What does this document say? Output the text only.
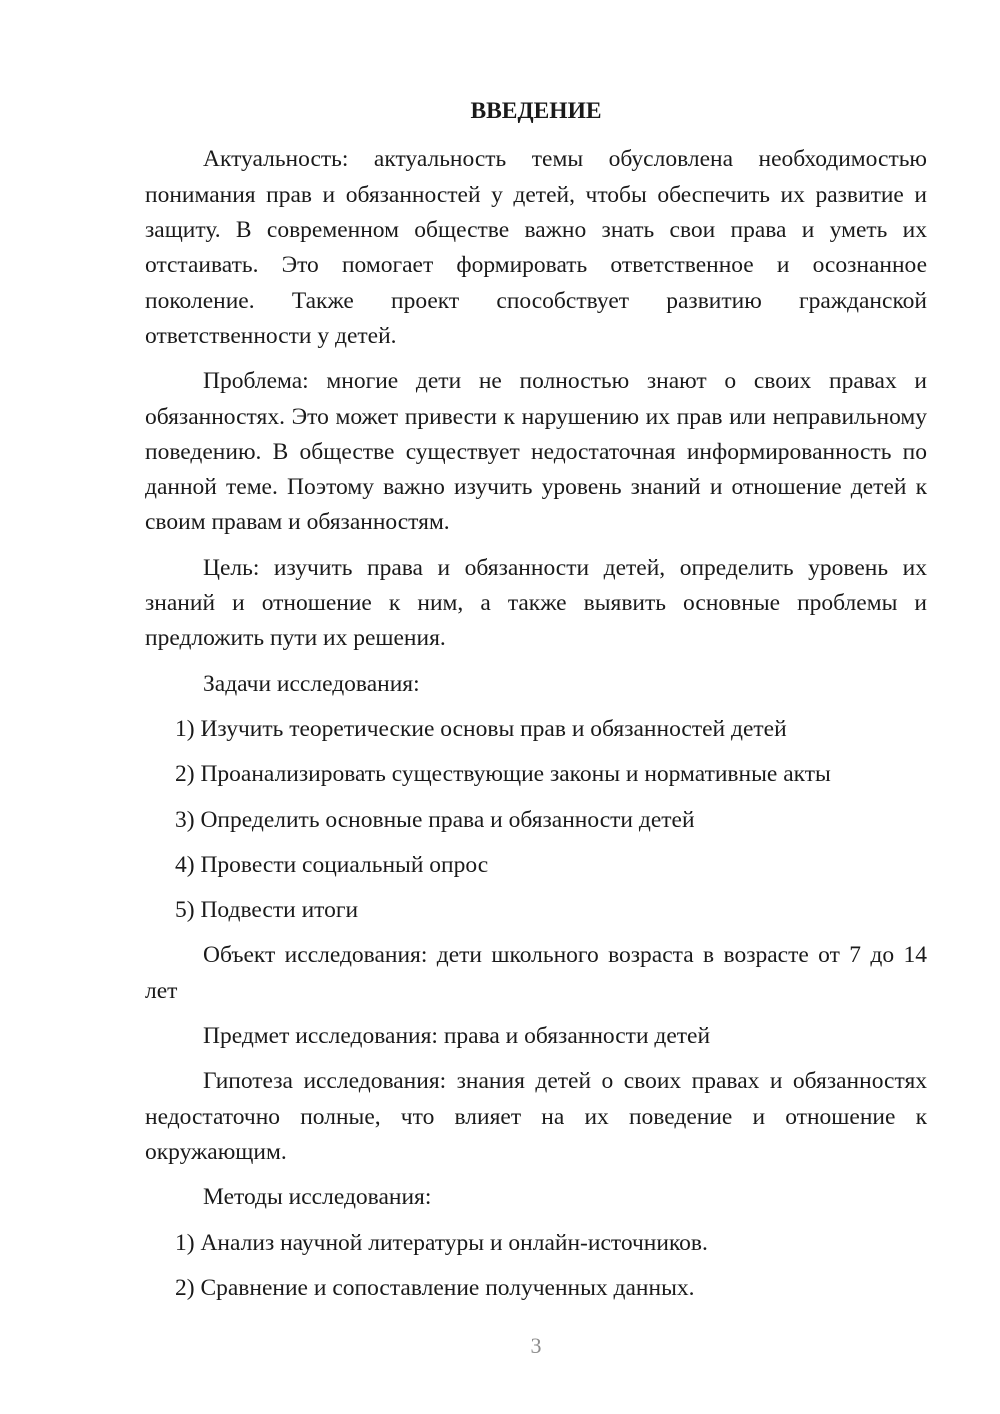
ВВЕДЕНИЕ

Актуальность: актуальность темы обусловлена необходимостью понимания прав и обязанностей у детей, чтобы обеспечить их развитие и защиту. В современном обществе важно знать свои права и уметь их отстаивать. Это помогает формировать ответственное и осознанное поколение. Также проект способствует развитию гражданской ответственности у детей.

Проблема: многие дети не полностью знают о своих правах и обязанностях. Это может привести к нарушению их прав или неправильному поведению. В обществе существует недостаточная информированность по данной теме. Поэтому важно изучить уровень знаний и отношение детей к своим правам и обязанностям.

Цель: изучить права и обязанности детей, определить уровень их знаний и отношение к ним, а также выявить основные проблемы и предложить пути их решения.

Задачи исследования:

1) Изучить теоретические основы прав и обязанностей детей

2) Проанализировать существующие законы и нормативные акты

3) Определить основные права и обязанности детей

4) Провести социальный опрос

5) Подвести итоги

Объект исследования: дети школьного возраста в возрасте от 7 до 14 лет

Предмет исследования: права и обязанности детей

Гипотеза исследования: знания детей о своих правах и обязанностях недостаточно полные, что влияет на их поведение и отношение к окружающим.

Методы исследования:

1) Анализ научной литературы и онлайн-источников.

2) Сравнение и сопоставление полученных данных.

3
